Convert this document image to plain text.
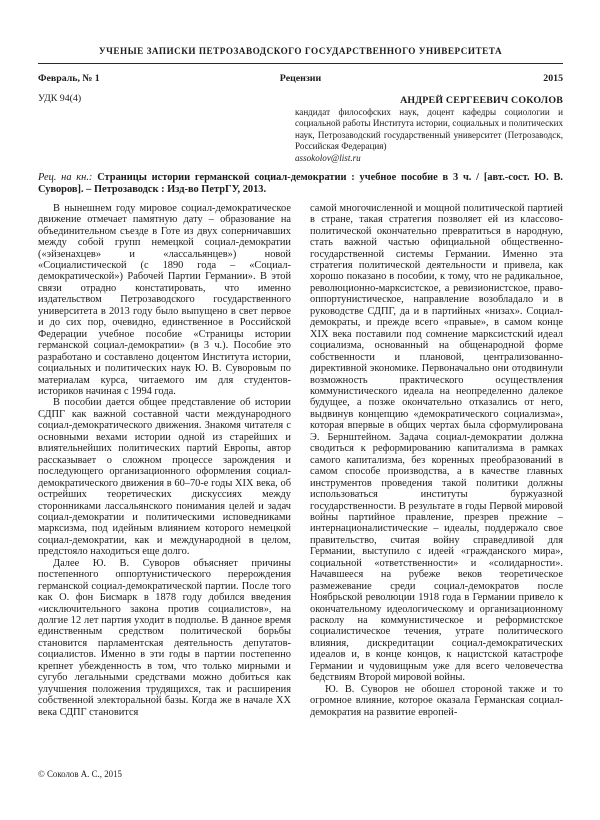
УЧЕНЫЕ ЗАПИСКИ ПЕТРОЗАВОДСКОГО ГОСУДАРСТВЕННОГО УНИВЕРСИТЕТА
Февраль, № 1	Рецензии	2015
УДК 94(4)	АНДРЕЙ СЕРГЕЕВИЧ СОКОЛОВ
кандидат философских наук, доцент кафедры социологии и социальной работы Института истории, социальных и политических наук, Петрозаводский государственный университет (Петрозаводск, Российская Федерация)
assokolov@list.ru
Рец. на кн.: Страницы истории германской социал-демократии : учебное пособие в 3 ч. / [авт.-сост. Ю. В. Суворов]. – Петрозаводск : Изд-во ПетрГУ, 2013.

В нынешнем году мировое социал-демократическое движение отмечает памятную дату – образование на объединительном съезде в Готе из двух соперничавших между собой групп немецкой социал-демократии («эйзенахцев» и «лассальянцев») новой «Социалистической (с 1890 года – «Социал-демократической») Рабочей Партии Германии». В этой связи отрадно констатировать, что именно издательством Петрозаводского государственного университета в 2013 году было выпущено в свет первое и до сих пор, очевидно, единственное в Российской Федерации учебное пособие «Страницы истории германской социал-демократии» (в 3 ч.). Пособие это разработано и составлено доцентом Института истории, социальных и политических наук Ю. В. Суворовым по материалам курса, читаемого им для студентов-историков начиная с 1994 года.

В пособии дается общее представление об истории СДПГ как важной составной части международного социал-демократического движения. Знакомя читателя с основными вехами истории одной из старейших и влиятельнейших политических партий Европы, автор рассказывает о сложном процессе зарождения и последующего организационного оформления социал-демократического движения в 60–70-е годы XIX века, об острейших теоретических дискуссиях между сторонниками лассальянского понимания целей и задач социал-демократии и политическими исповедниками марксизма, под идейным влиянием которого немецкой социал-демократии, как и международной в целом, предстояло находиться еще долго.

Далее Ю. В. Суворов объясняет причины постепенного оппортунистического перерождения германской социал-демократической партии. После того как О. фон Бисмарк в 1878 году добился введения «исключительного закона против социалистов», на долгие 12 лет партия уходит в подполье. В данное время единственным средством политической борьбы становится парламентская деятельность депутатов-социалистов. Именно в эти годы в партии постепенно крепнет убежденность в том, что только мирными и сугубо легальными средствами можно добиться как улучшения положения трудящихся, так и расширения собственной электоральной базы. Когда же в начале XX века СДПГ становится

самой многочисленной и мощной политической партией в стране, такая стратегия позволяет ей из классово-политической окончательно превратиться в народную, стать важной частью официальной общественно-государственной системы Германии. Именно эта стратегия политической деятельности и привела, как хорошо показано в пособии, к тому, что не радикальное, революционно-марксистское, а ревизионистское, право-оппортунистическое, направление возобладало и в руководстве СДПГ, да и в партийных «низах». Социал-демократы, и прежде всего «правые», в самом конце XIX века поставили под сомнение марксистский идеал социализма, основанный на общенародной форме собственности и плановой, централизованно-директивной экономике. Первоначально они отодвинули возможность практического осуществления коммунистического идеала на неопределенно далекое будущее, а позже окончательно отказались от него, выдвинув концепцию «демократического социализма», которая впервые в общих чертах была сформулирована Э. Бернштейном. Задача социал-демократии должна сводиться к реформированию капитализма в рамках самого капитализма, без коренных преобразований в самом способе производства, а в качестве главных инструментов проведения такой политики должны использоваться институты буржуазной государственности. В результате в годы Первой мировой войны партийное правление, презрев прежние – интернационалистические – идеалы, поддержало свое правительство, считая войну справедливой для Германии, выступило с идеей «гражданского мира», социальной «ответственности» и «солидарности». Начавшееся на рубеже веков теоретическое размежевание среди социал-демократов после Ноябрьской революции 1918 года в Германии привело к окончательному идеологическому и организационному расколу на коммунистическое и реформистское социалистическое течения, утрате политического влияния, дискредитации социал-демократических идеалов и, в конце концов, к нацистской катастрофе Германии и чудовищным уже для всего человечества бедствиям Второй мировой войны.

Ю. В. Суворов не обошел стороной также и то огромное влияние, которое оказала Германская социал-демократия на развитие европей-

© Соколов А. С., 2015
